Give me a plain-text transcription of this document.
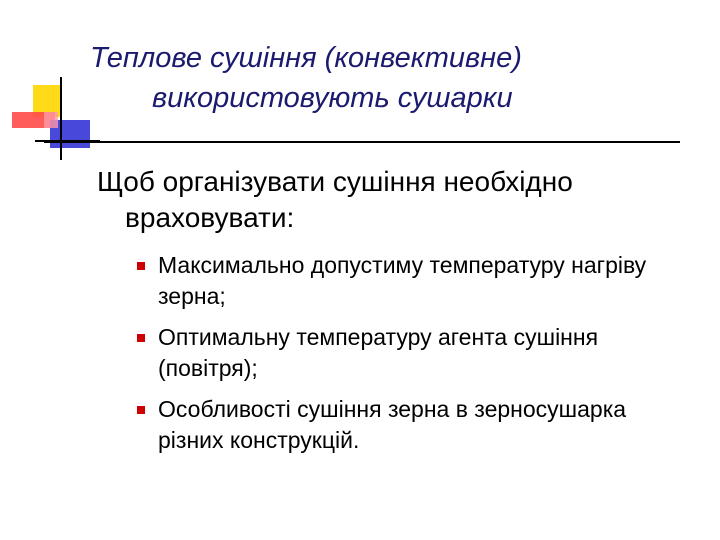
Теплове сушіння (конвективне)
використовують сушарки
Щоб організувати сушіння необхідно враховувати:
Максимально допустиму температуру нагріву зерна;
Оптимальну температуру агента сушіння (повітря);
Особливості сушіння зерна в зерносушарка різних конструкцій.
